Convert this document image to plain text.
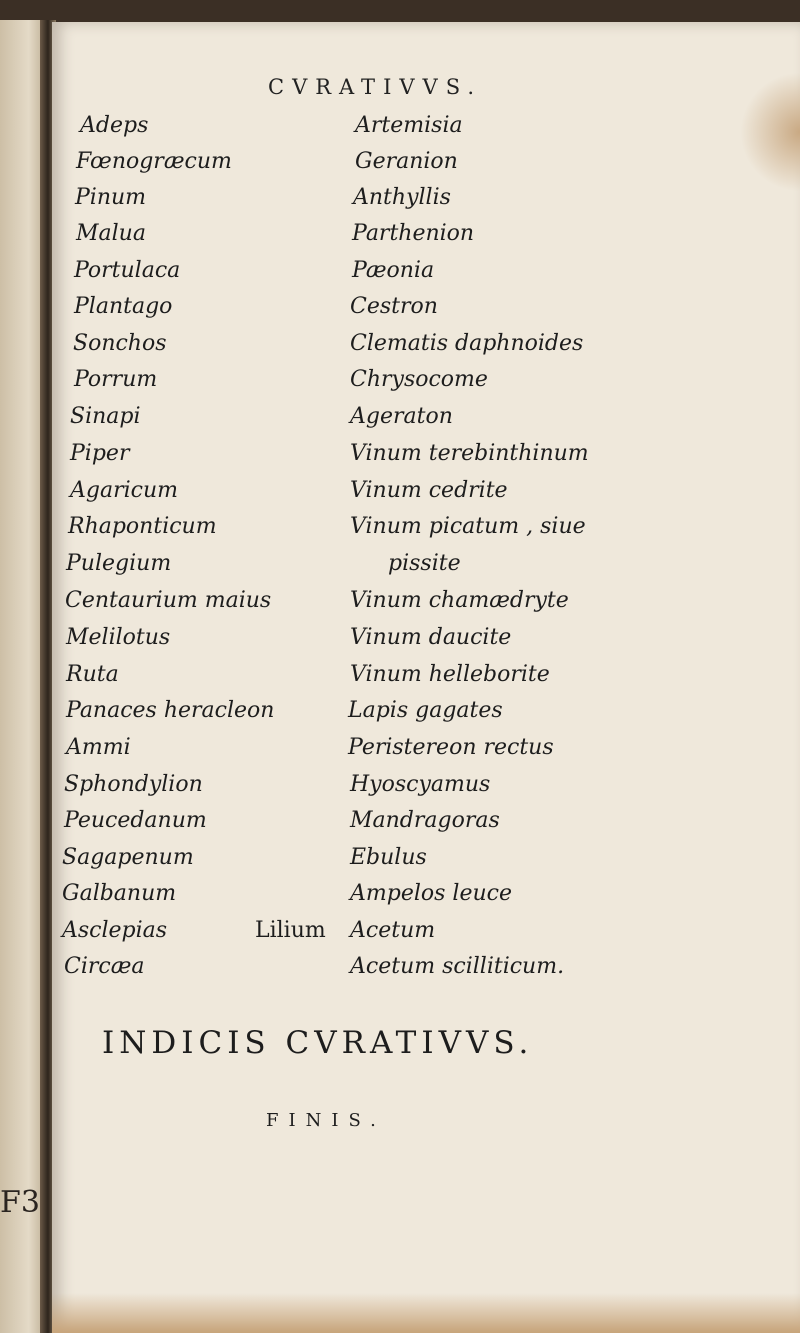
F3
CVRATIVVS.
Adeps
Fœnogræcum
Pinum
Malua
Portulaca
Plantago
Sonchos
Porrum
Sinapi
Piper
Agaricum
Rhaponticum
Pulegium
Centaurium maius
Melilotus
Ruta
Panaces heracleon
Ammi
Sphondylion
Peucedanum
Sagapenum
Galbanum
Asclepias
Circæa
Lilium
Artemisia
Geranion
Anthyllis
Parthenion
Pæonia
Cestron
Clematis daphnoides
Chrysocome
Ageraton
Vinum terebinthinum
Vinum cedrite
Vinum picatum , siue
pissite
Vinum chamædryte
Vinum daucite
Vinum helleborite
Lapis gagates
Peristereon rectus
Hyoscyamus
Mandragoras
Ebulus
Ampelos leuce
Acetum
Acetum scilliticum.
INDICIS CVRATIVVS.
FINIS.
